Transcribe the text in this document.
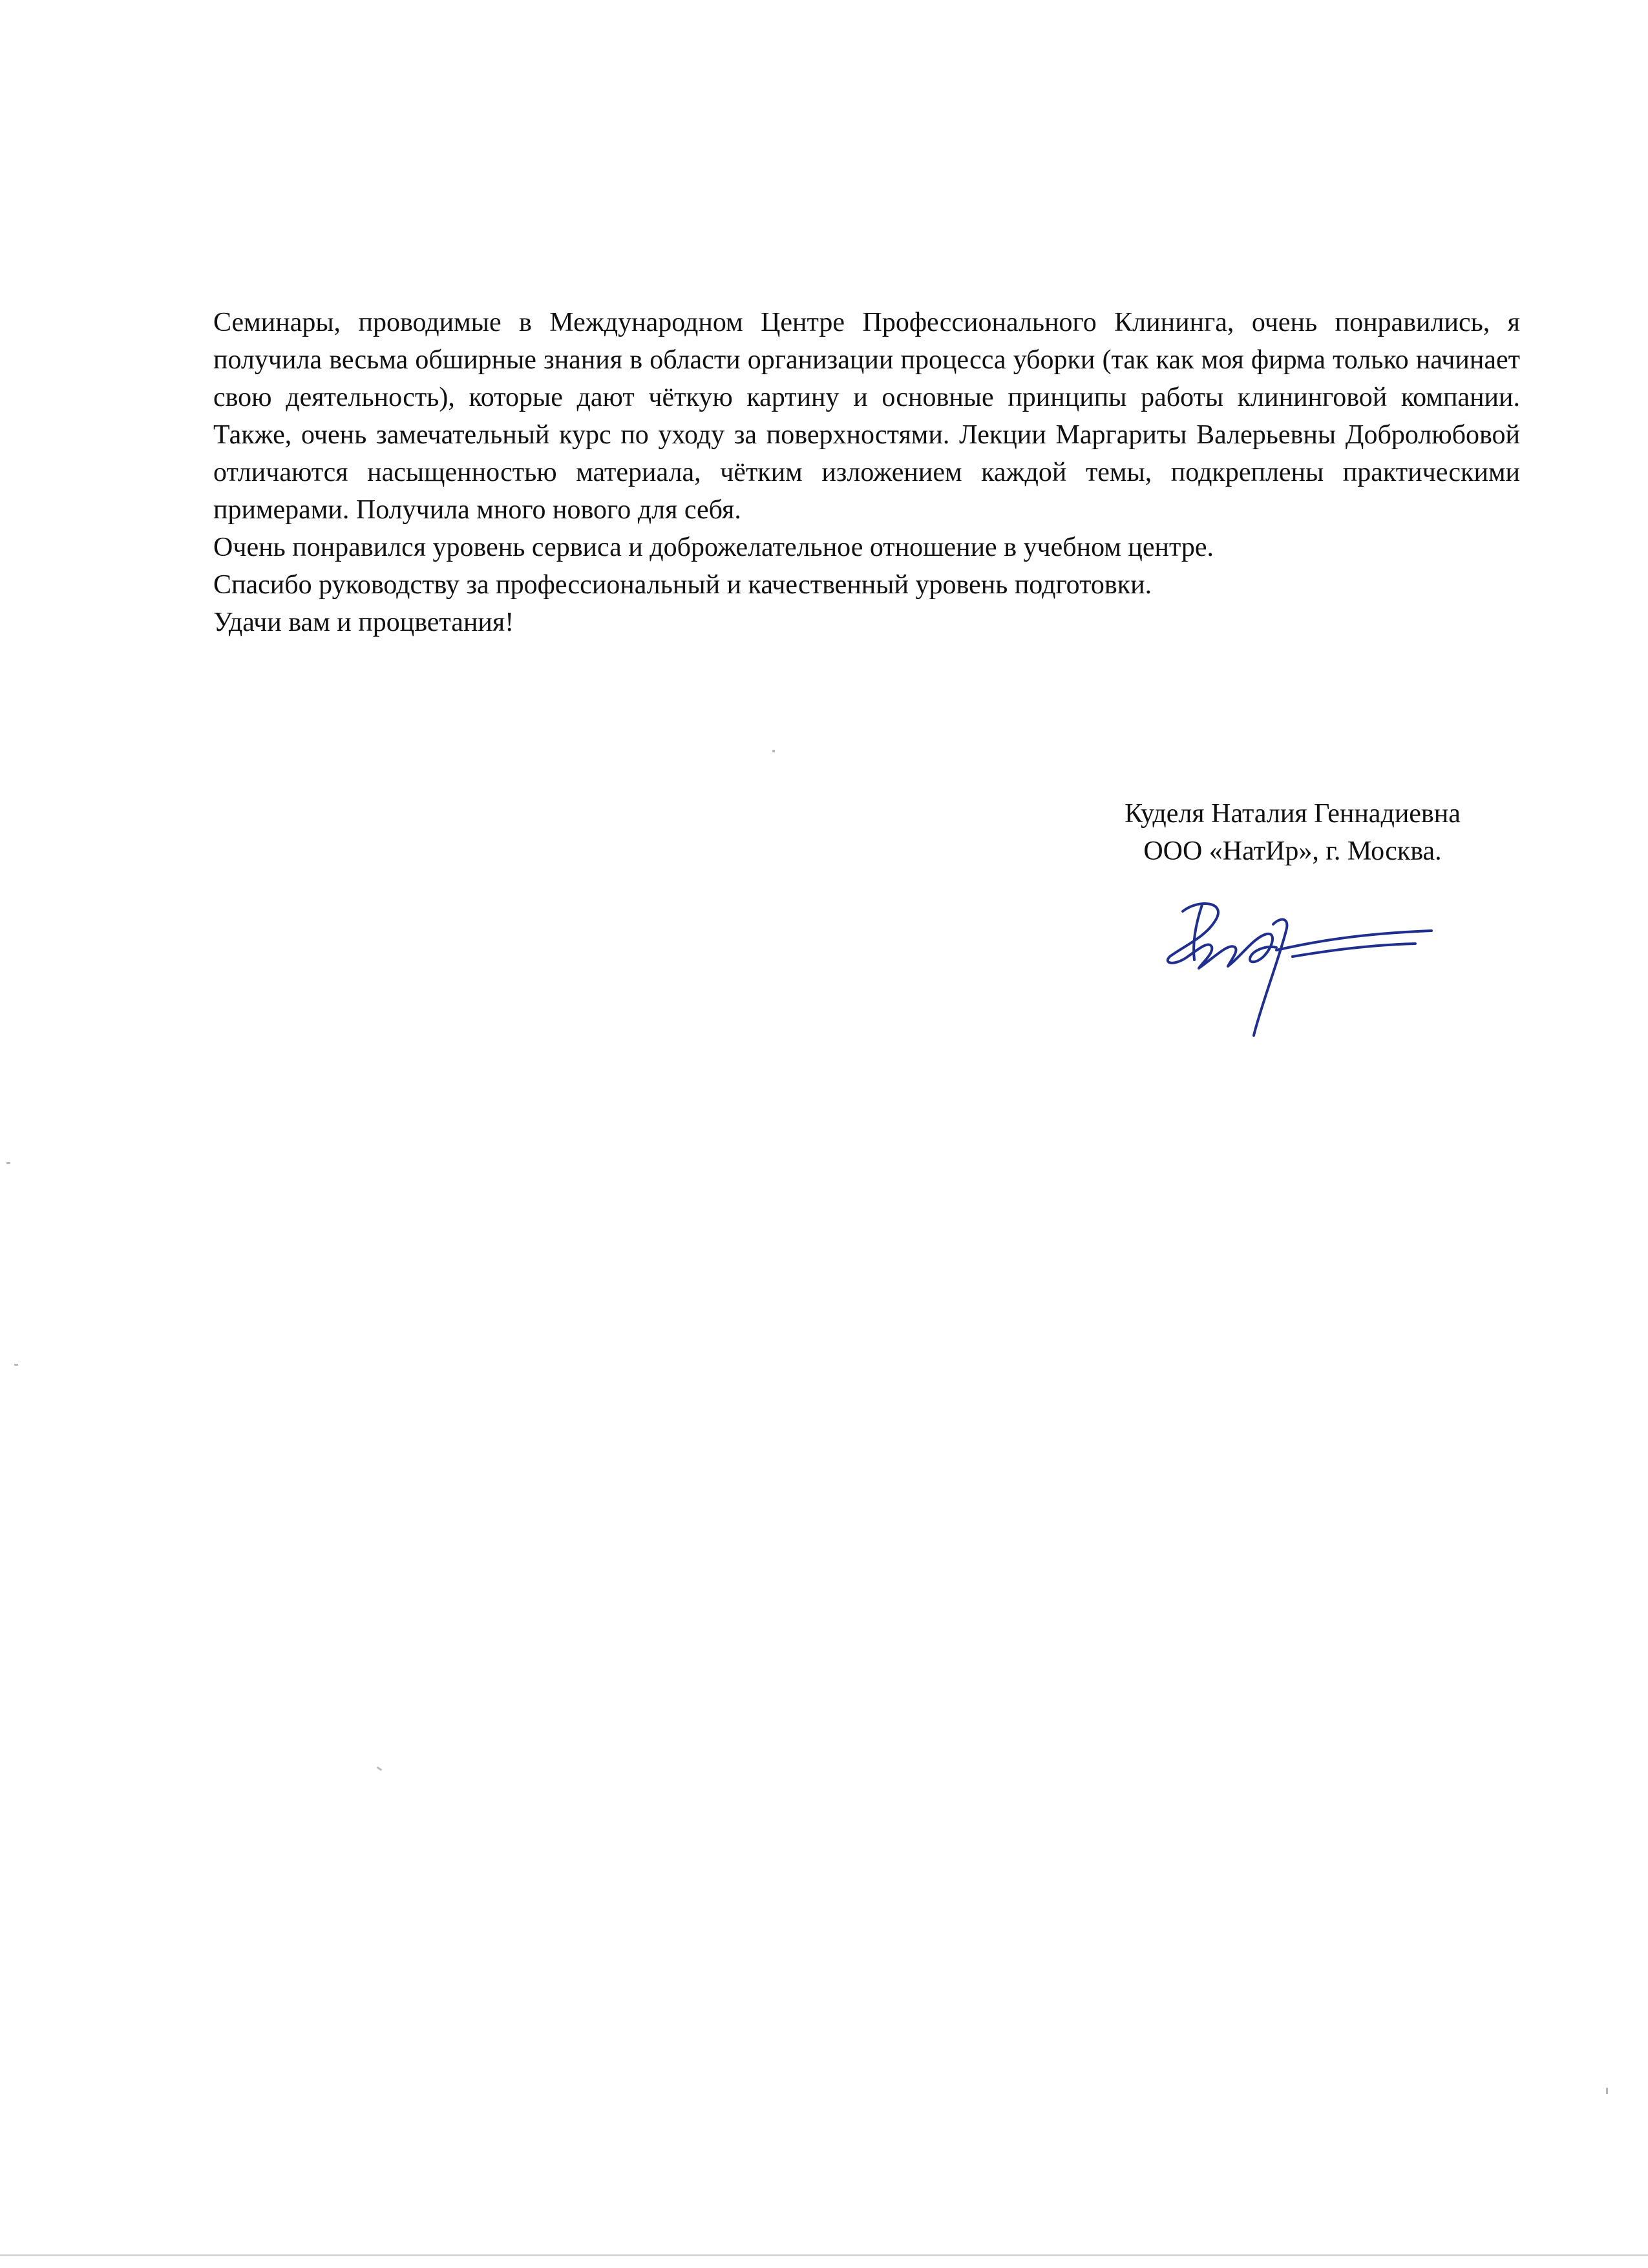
Семинары, проводимые в Международном Центре Профессионального Клининга, очень понравились, я получила весьма обширные знания в области организации процесса уборки (так как моя фирма только начинает свою деятельность), которые дают чёткую картину и основные принципы работы клининговой компании. Также, очень замечательный курс по уходу за поверхностями. Лекции Маргариты Валерьевны Добролюбовой отличаются насыщенностью материала, чётким изложением каждой темы, подкреплены практическими примерами. Получила много нового для себя.

Очень понравился уровень сервиса и доброжелательное отношение в учебном центре.

Спасибо руководству за профессиональный и качественный уровень подготовки.

Удачи вам и процветания!

Куделя Наталия Геннадиевна

ООО «НатИр», г. Москва.
